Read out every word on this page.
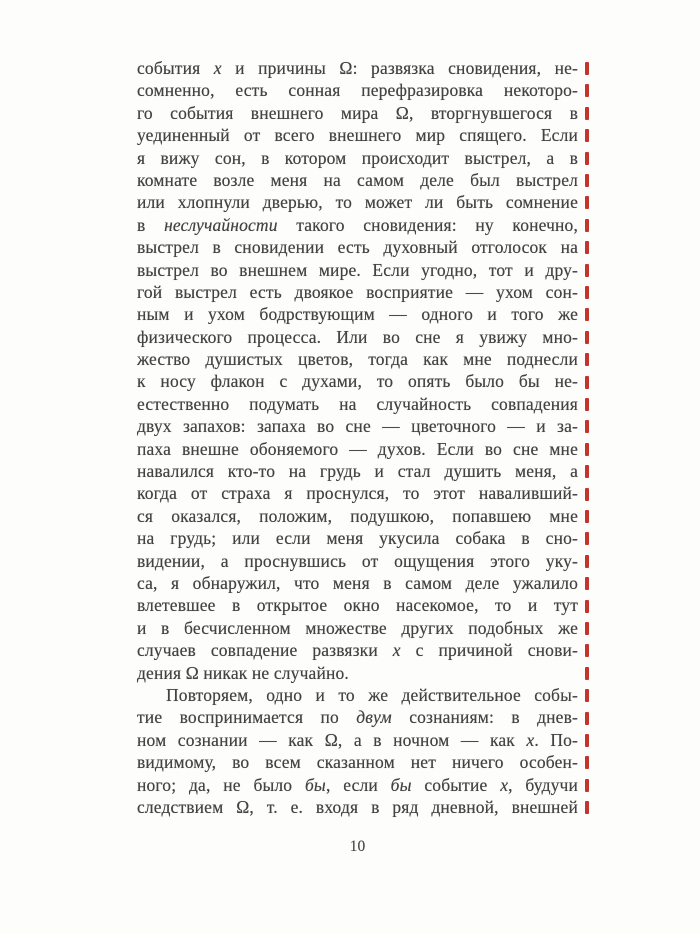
события x и причины Ω: развязка сновидения, не-
сомненно, есть сонная перефразировка некоторо-
го события внешнего мира Ω, вторгнувшегося в
уединенный от всего внешнего мир спящего. Если
я вижу сон, в котором происходит выстрел, а в
комнате возле меня на самом деле был выстрел
или хлопнули дверью, то может ли быть сомнение
в неслучайности такого сновидения: ну конечно,
выстрел в сновидении есть духовный отголосок на
выстрел во внешнем мире. Если угодно, тот и дру-
гой выстрел есть двоякое восприятие — ухом сон-
ным и ухом бодрствующим — одного и того же
физического процесса. Или во сне я увижу мно-
жество душистых цветов, тогда как мне поднесли
к носу флакон с духами, то опять было бы не-
естественно подумать на случайность совпадения
двух запахов: запаха во сне — цветочного — и за-
паха внешне обоняемого — духов. Если во сне мне
навалился кто-то на грудь и стал душить меня, а
когда от страха я проснулся, то этот наваливший-
ся оказался, положим, подушкою, попавшею мне
на грудь; или если меня укусила собака в сно-
видении, а проснувшись от ощущения этого уку-
са, я обнаружил, что меня в самом деле ужалило
влетевшее в открытое окно насекомое, то и тут
и в бесчисленном множестве других подобных же
случаев совпадение развязки x с причиной снови-
дения Ω никак не случайно.
Повторяем, одно и то же действительное собы-
тие воспринимается по двум сознаниям: в днев-
ном сознании — как Ω, а в ночном — как x. По-
видимому, во всем сказанном нет ничего особен-
ного; да, не было бы, если бы событие x, будучи
следствием Ω, т. е. входя в ряд дневной, внешней
10
